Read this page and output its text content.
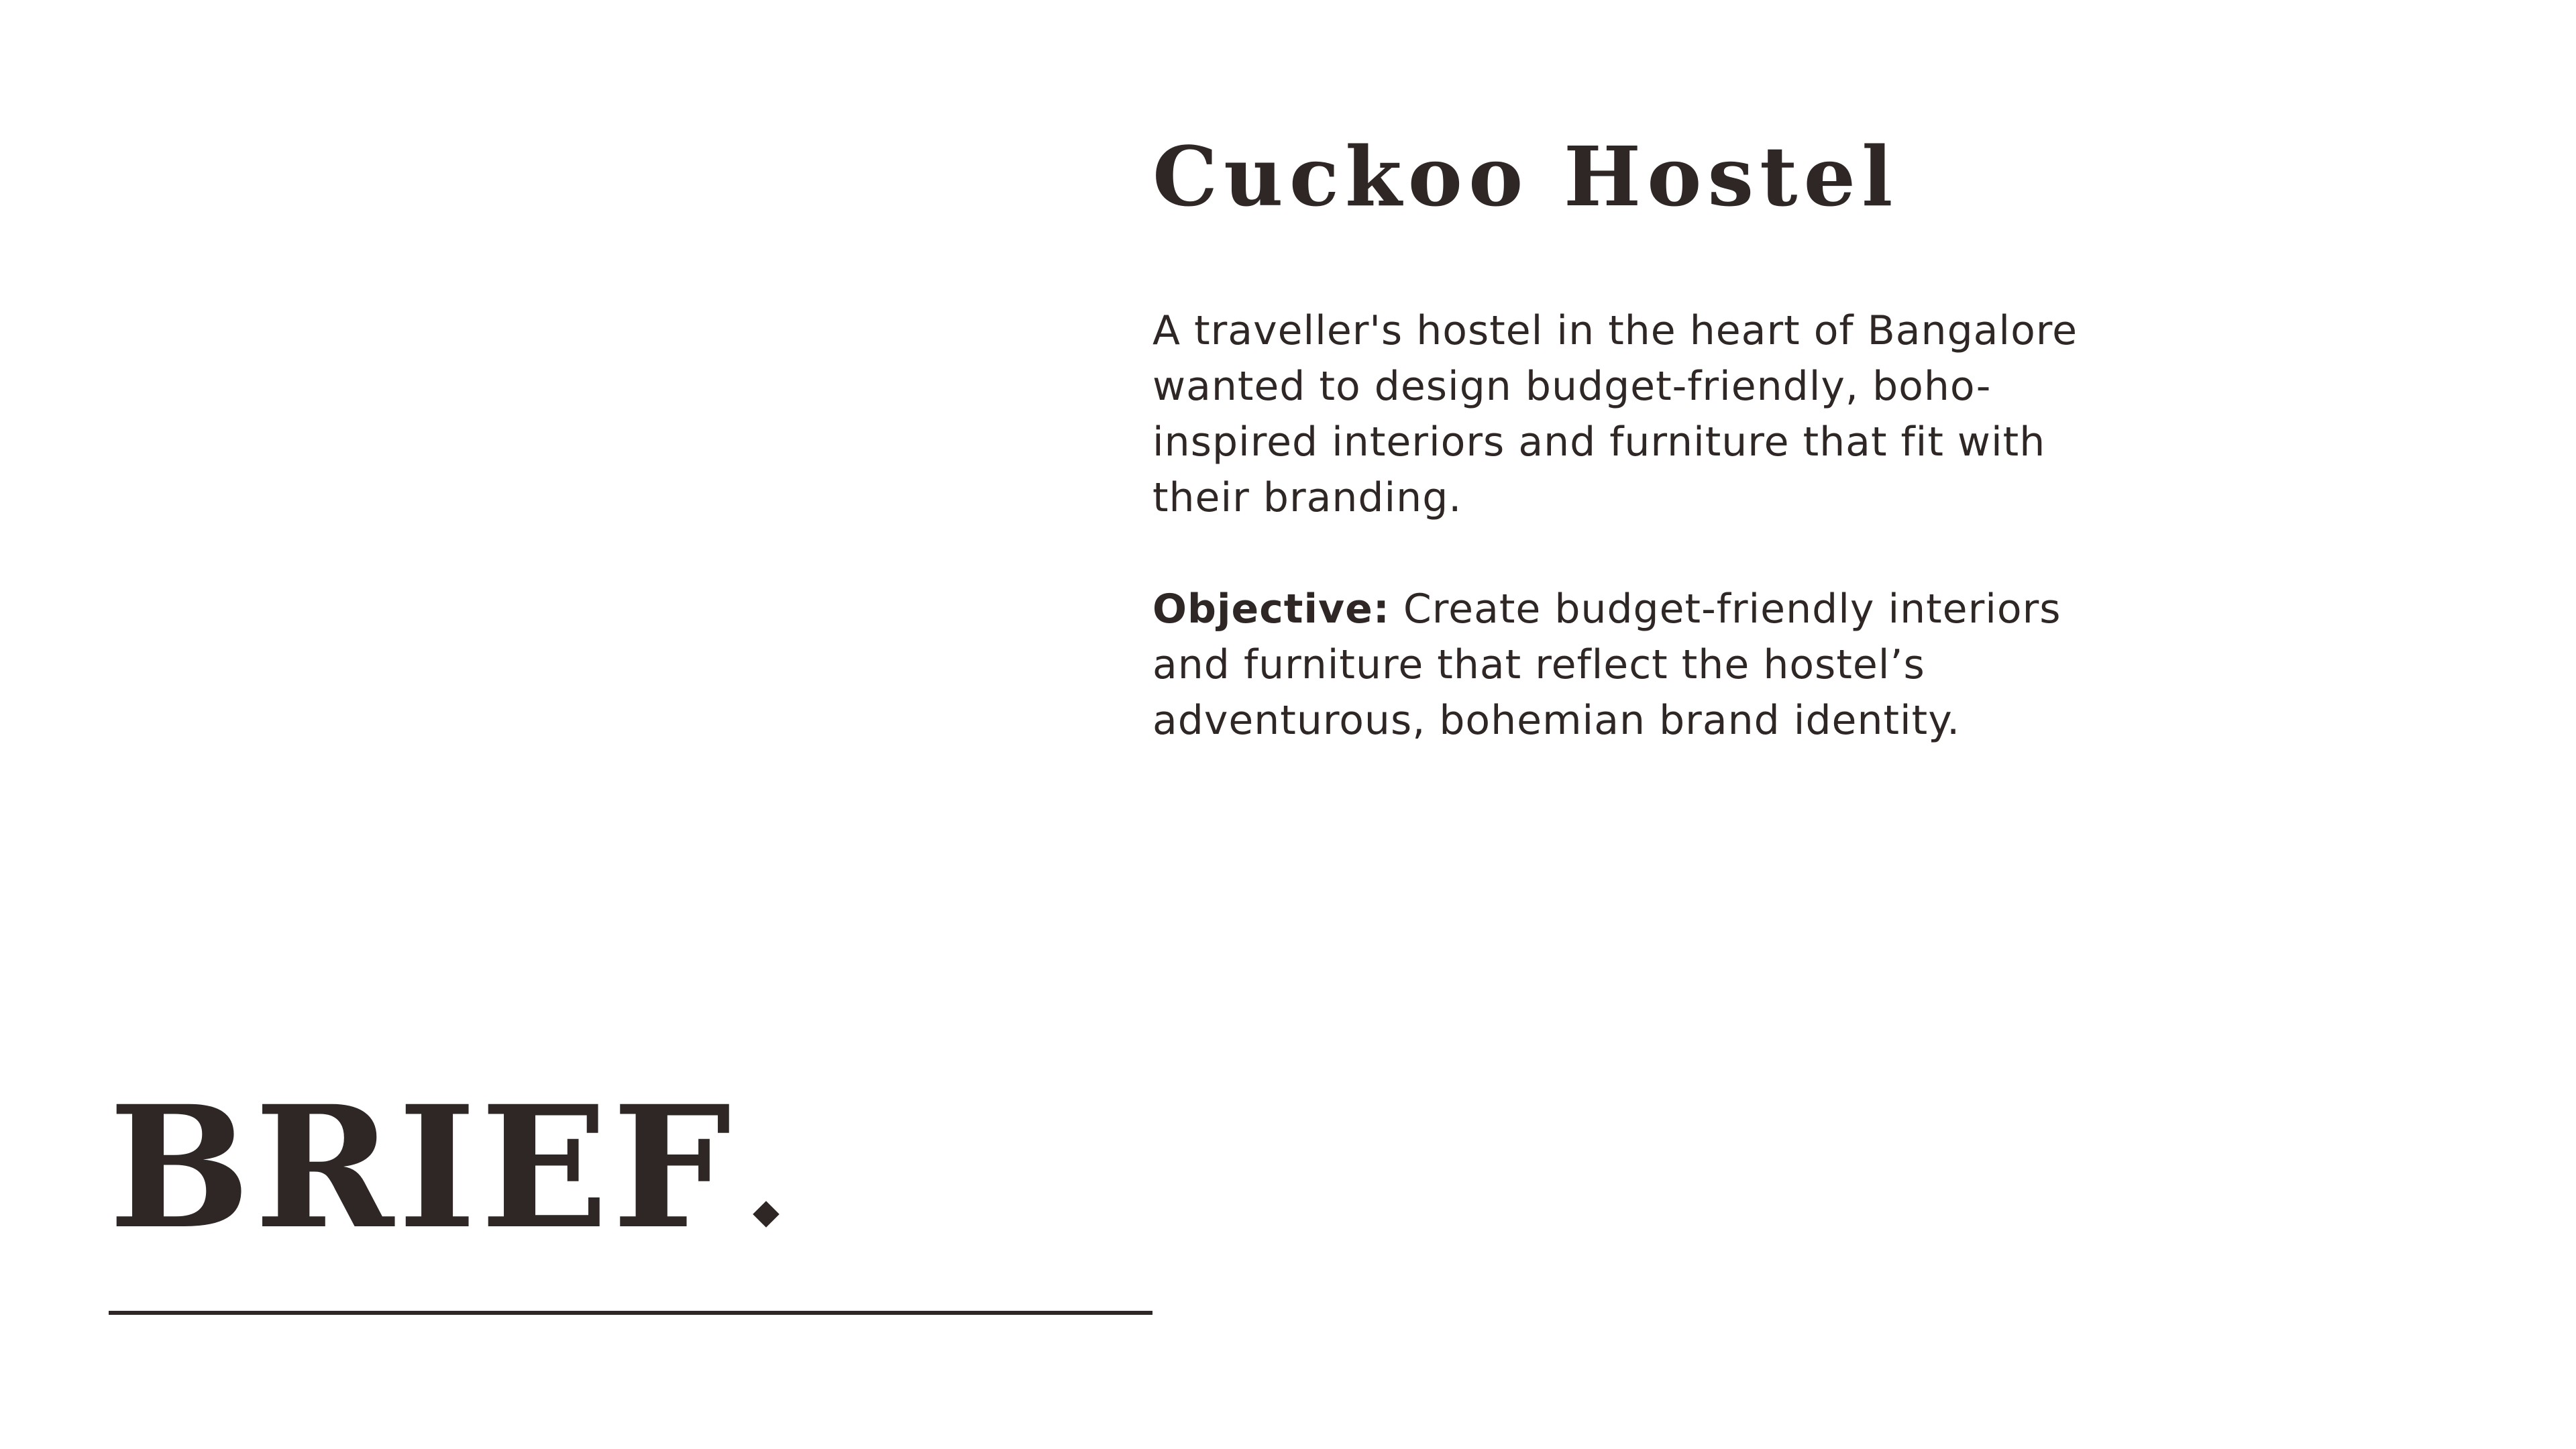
Cuckoo Hostel

A traveller's hostel in the heart of Bangalore wanted to design budget-friendly, boho-inspired interiors and furniture that fit with their branding.

Objective: Create budget-friendly interiors and furniture that reflect the hostel’s adventurous, bohemian brand identity.

BRIEF
